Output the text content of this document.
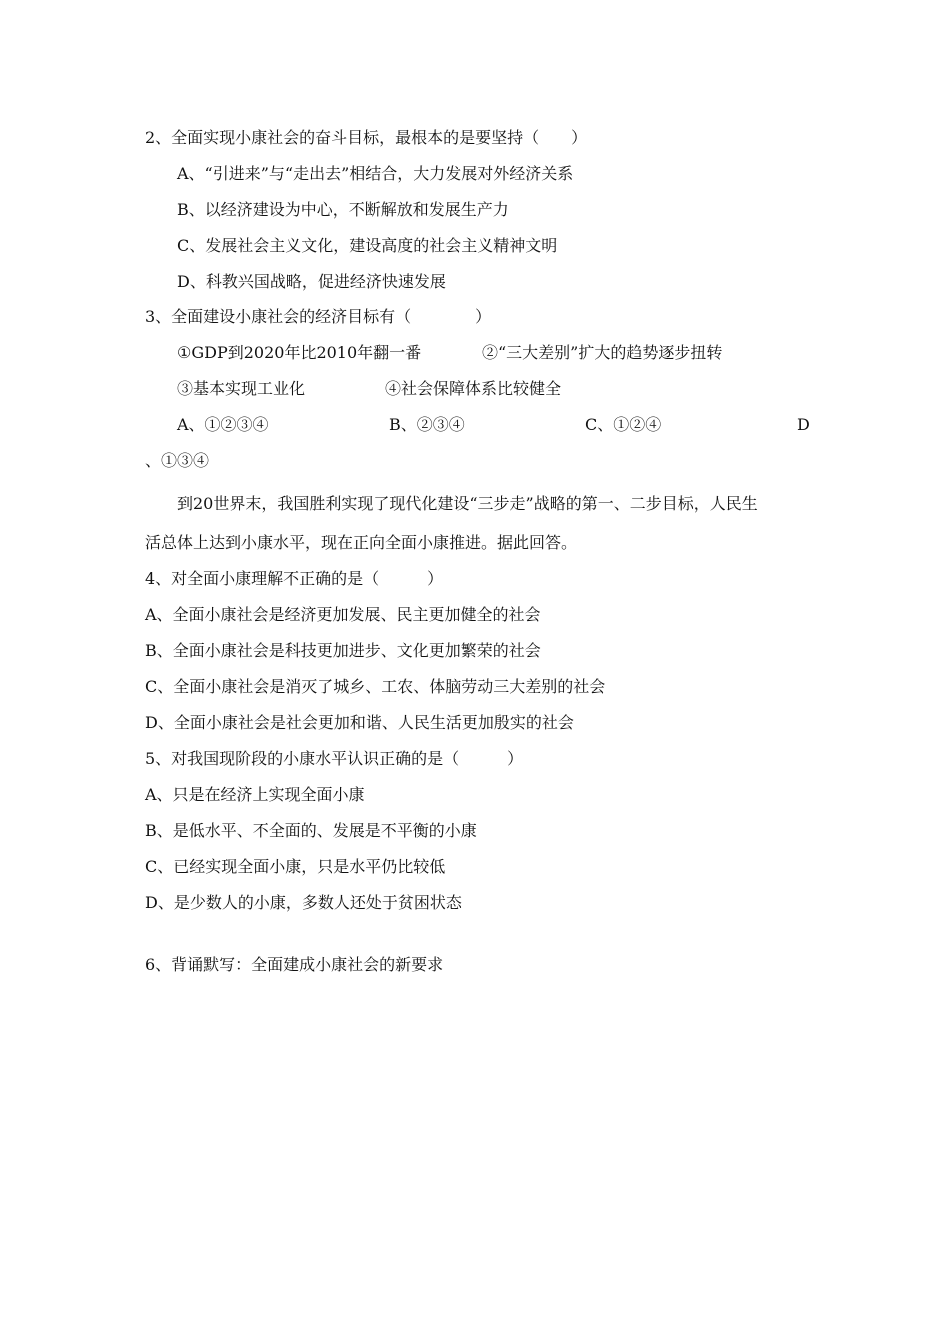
2、全面实现小康社会的奋斗目标，最根本的是要坚持（　　）
A、“引进来”与“走出去”相结合，大力发展对外经济关系
B、以经济建设为中心，不断解放和发展生产力
C、发展社会主义文化，建设高度的社会主义精神文明
D、科教兴国战略，促进经济快速发展
3、全面建设小康社会的经济目标有（　　　　）
①GDP到2020年比2010年翻一番	②“三大差别”扩大的趋势逐步扭转
③基本实现工业化	④社会保障体系比较健全
A、①②③④	B、②③④	C、①②④	D
、①③④
到20世界末，我国胜利实现了现代化建设“三步走”战略的第一、二步目标，人民生
活总体上达到小康水平，现在正向全面小康推进。据此回答。
4、对全面小康理解不正确的是（　　　）
A、全面小康社会是经济更加发展、民主更加健全的社会
B、全面小康社会是科技更加进步、文化更加繁荣的社会
C、全面小康社会是消灭了城乡、工农、体脑劳动三大差别的社会
D、全面小康社会是社会更加和谐、人民生活更加殷实的社会
5、对我国现阶段的小康水平认识正确的是（　　　）
A、只是在经济上实现全面小康
B、是低水平、不全面的、发展是不平衡的小康
C、已经实现全面小康，只是水平仍比较低
D、是少数人的小康，多数人还处于贫困状态
6、背诵默写：全面建成小康社会的新要求
